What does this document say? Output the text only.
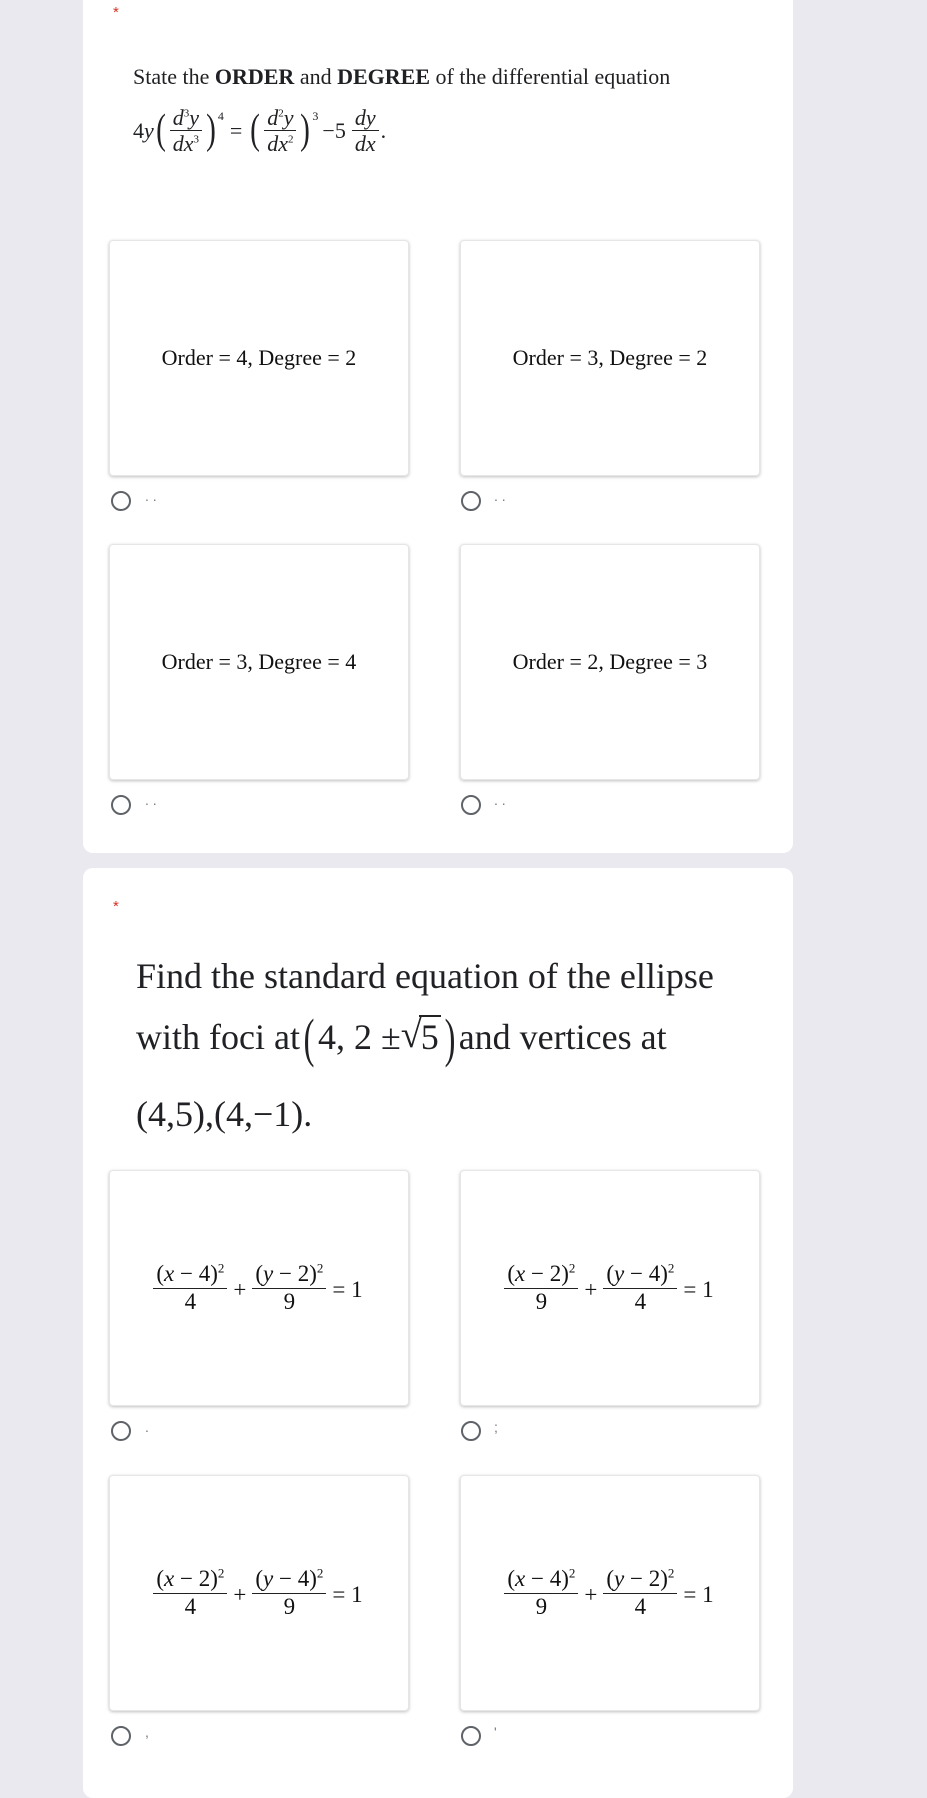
*
State the ORDER and DEGREE of the differential equation
4 y ( $\frac{d^3y}{dx^3} )^4$
= ( $\frac{d^2y}{dx^2} )^3$
$-5 \frac{dy}{dx}$ .
Order = 4, Degree = 2
. .
Order = 3, Degree = 2
. .
Order = 3, Degree = 4
. .
Order = 2, Degree = 3
. .
*
Find the standard equation of the ellipse
with foci at ( 4, 2 ±
√ 5 ) and vertices at
(4,5),(4,−1).
$\frac{(x - 4)^2}{4} + \frac{(y - 2)^2}{9} = 1$
.
$\frac{(x - 2)^2}{9} + \frac{(y - 4)^2}{4} = 1$
;
$\frac{(x - 2)^2}{4} + \frac{(y - 4)^2}{9} = 1$
,
$\frac{(x - 4)^2}{9} + \frac{(y - 2)^2}{4} = 1$
'
